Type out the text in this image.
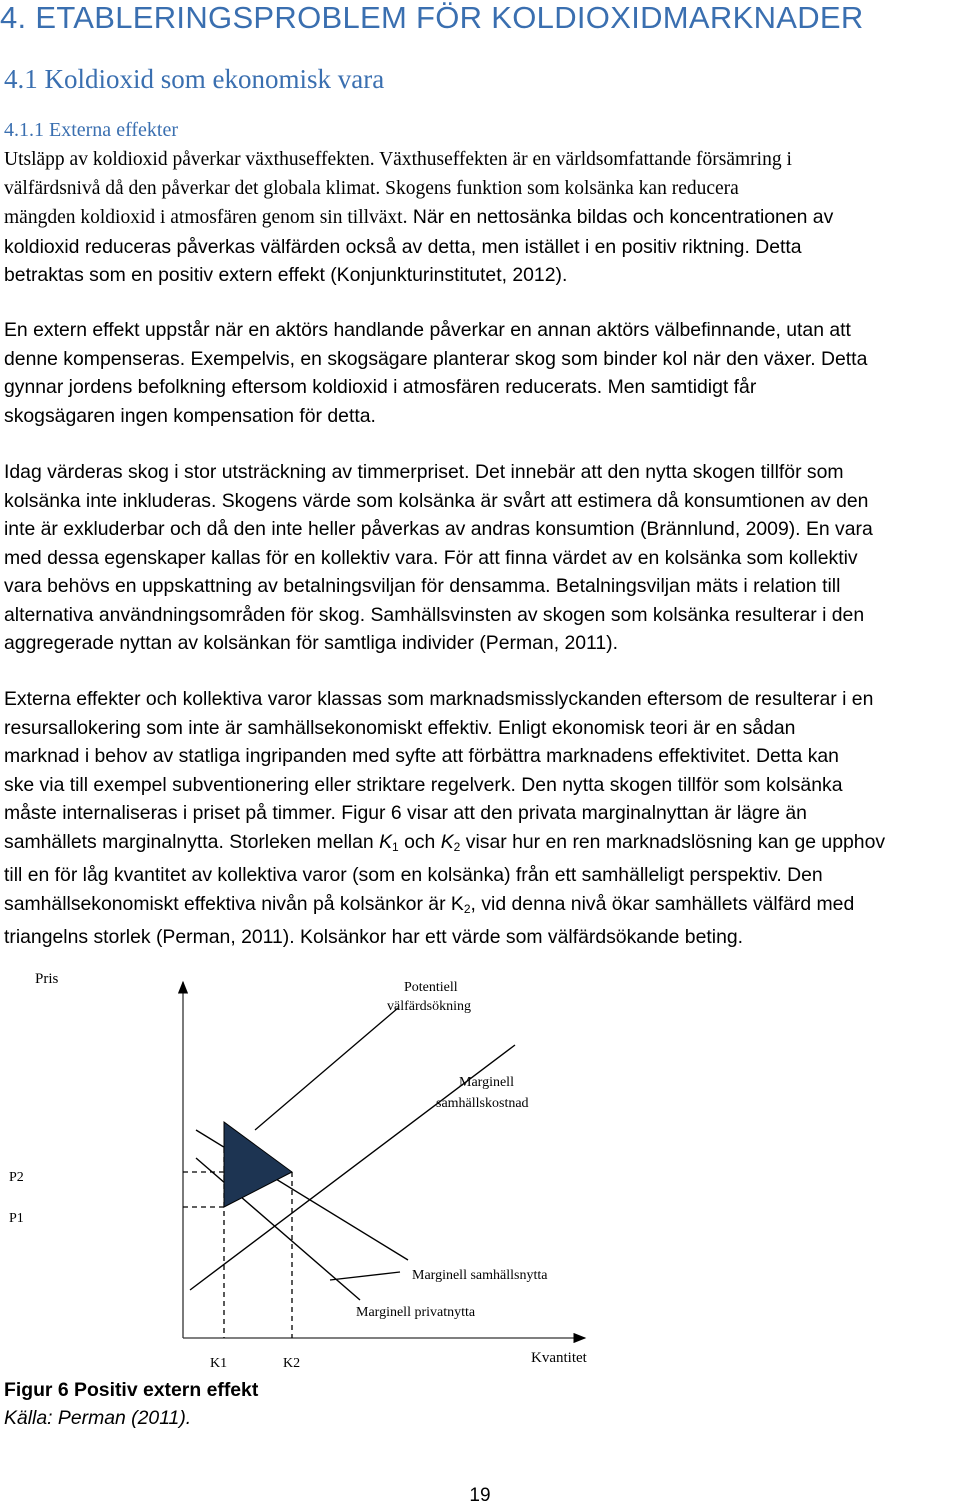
4. ETABLERINGSPROBLEM FÖR KOLDIOXIDMARKNADER
4.1 Koldioxid som ekonomisk vara
4.1.1 Externa effekter
Utsläpp av koldioxid påverkar växthuseffekten. Växthuseffekten är en världsomfattande försämring i
välfärdsnivå då den påverkar det globala klimat. Skogens funktion som kolsänka kan reducera
mängden koldioxid i atmosfären genom sin tillväxt. När en nettosänka bildas och koncentrationen av
koldioxid reduceras påverkas välfärden också av detta, men istället i en positiv riktning. Detta
betraktas som en positiv extern effekt (Konjunkturinstitutet, 2012).
En extern effekt uppstår när en aktörs handlande påverkar en annan aktörs välbefinnande, utan att
denne kompenseras. Exempelvis, en skogsägare planterar skog som binder kol när den växer. Detta
gynnar jordens befolkning eftersom koldioxid i atmosfären reducerats. Men samtidigt får
skogsägaren ingen kompensation för detta.
Idag värderas skog i stor utsträckning av timmerpriset. Det innebär att den nytta skogen tillför som
kolsänka inte inkluderas. Skogens värde som kolsänka är svårt att estimera då konsumtionen av den
inte är exkluderbar och då den inte heller påverkas av andras konsumtion (Brännlund, 2009). En vara
med dessa egenskaper kallas för en kollektiv vara. För att finna värdet av en kolsänka som kollektiv
vara behövs en uppskattning av betalningsviljan för densamma. Betalningsviljan mäts i relation till
alternativa användningsområden för skog. Samhällsvinsten av skogen som kolsänka resulterar i den
aggregerade nyttan av kolsänkan för samtliga individer (Perman, 2011).
Externa effekter och kollektiva varor klassas som marknadsmisslyckanden eftersom de resulterar i en
resursallokering som inte är samhällsekonomiskt effektiv. Enligt ekonomisk teori är en sådan
marknad i behov av statliga ingripanden med syfte att förbättra marknadens effektivitet. Detta kan
ske via till exempel subventionering eller striktare regelverk. Den nytta skogen tillför som kolsänka
måste internaliseras i priset på timmer. Figur 6 visar att den privata marginalnyttan är lägre än
samhällets marginalnytta. Storleken mellan $K_1$ och $K_2$ visar hur en ren marknadslösning kan ge upphov
till en för låg kvantitet av kollektiva varor (som en kolsänka) från ett samhälleligt perspektiv. Den
samhällsekonomiskt effektiva nivån på kolsänkor är $K_2$, vid denna nivå ökar samhällets välfärd med
triangelns storlek (Perman, 2011). Kolsänkor har ett värde som välfärdsökande beting.
Pris
Kvantitet
Potentiell
välfärdsökning
Marginell
samhällskostnad
Marginell samhällsnytta
Marginell privatnytta
P2
P1
K1	K2
Figur 6 Positiv extern effekt
Källa: Perman (2011).
19
